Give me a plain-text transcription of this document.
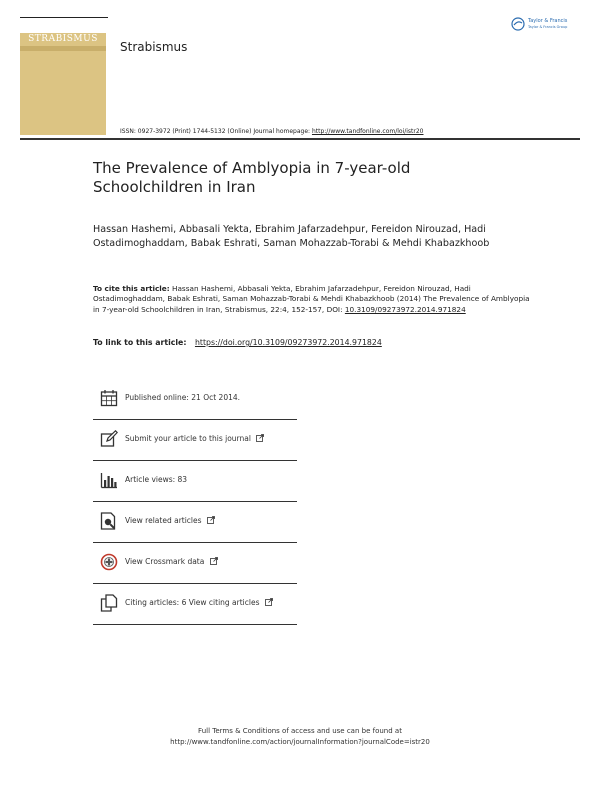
STRABISMUS
Strabismus
Taylor & Francis
Taylor & Francis Group
ISSN: 0927-3972 (Print) 1744-5132 (Online) Journal homepage: http://www.tandfonline.com/loi/istr20
The Prevalence of Amblyopia in 7-year-old Schoolchildren in Iran
Hassan Hashemi, Abbasali Yekta, Ebrahim Jafarzadehpur, Fereidon Nirouzad, Hadi Ostadimoghaddam, Babak Eshrati, Saman Mohazzab-Torabi & Mehdi Khabazkhoob
To cite this article: Hassan Hashemi, Abbasali Yekta, Ebrahim Jafarzadehpur, Fereidon Nirouzad, Hadi Ostadimoghaddam, Babak Eshrati, Saman Mohazzab-Torabi & Mehdi Khabazkhoob (2014) The Prevalence of Amblyopia in 7-year-old Schoolchildren in Iran, Strabismus, 22:4, 152-157, DOI: 10.3109/09273972.2014.971824
To link to this article: https://doi.org/10.3109/09273972.2014.971824
Published online: 21 Oct 2014.
Submit your article to this journal
Article views: 83
View related articles
View Crossmark data
Citing articles: 6 View citing articles
Full Terms & Conditions of access and use can be found at
http://www.tandfonline.com/action/journalInformation?journalCode=istr20
